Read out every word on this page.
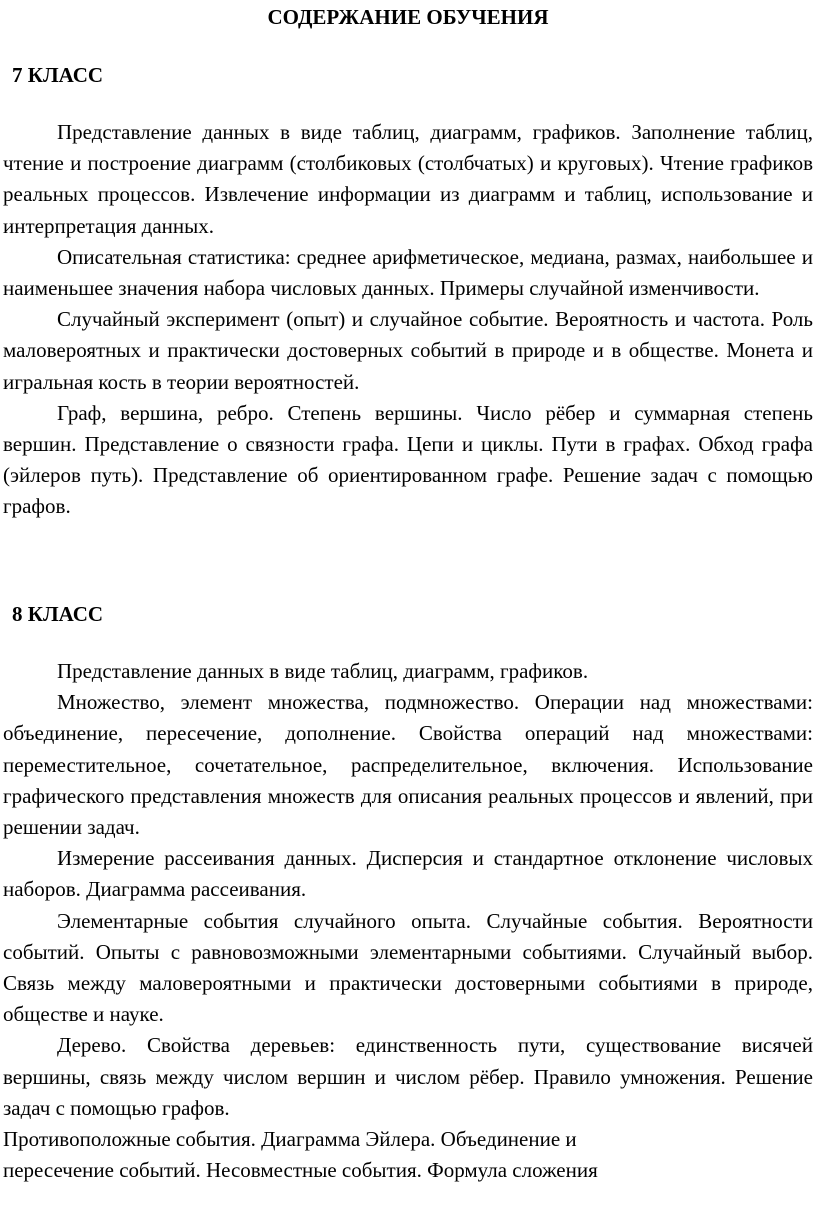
СОДЕРЖАНИЕ ОБУЧЕНИЯ
7 КЛАСС

Представление данных в виде таблиц, диаграмм, графиков. Заполнение таблиц, чтение и построение диаграмм (столбиковых (столбчатых) и круговых). Чтение графиков реальных процессов. Извлечение информации из диаграмм и таблиц, использование и интерпретация данных.

Описательная статистика: среднее арифметическое, медиана, размах, наибольшее и наименьшее значения набора числовых данных. Примеры случайной изменчивости.

Случайный эксперимент (опыт) и случайное событие. Вероятность и частота. Роль маловероятных и практически достоверных событий в природе и в обществе. Монета и игральная кость в теории вероятностей.

Граф, вершина, ребро. Степень вершины. Число рёбер и суммарная степень вершин. Представление о связности графа. Цепи и циклы. Пути в графах. Обход графа (эйлеров путь). Представление об ориентированном графе. Решение задач с помощью графов.

8 КЛАСС

Представление данных в виде таблиц, диаграмм, графиков.

Множество, элемент множества, подмножество. Операции над множествами: объединение, пересечение, дополнение. Свойства операций над множествами: переместительное, сочетательное, распределительное, включения. Использование графического представления множеств для описания реальных процессов и явлений, при решении задач.

Измерение рассеивания данных. Дисперсия и стандартное отклонение числовых наборов. Диаграмма рассеивания.

Элементарные события случайного опыта. Случайные события. Вероятности событий. Опыты с равновозможными элементарными событиями. Случайный выбор. Связь между маловероятными и практически достоверными событиями в природе, обществе и науке.

Дерево. Свойства деревьев: единственность пути, существование висячей вершины, связь между числом вершин и числом рёбер. Правило умножения. Решение задач с помощью графов.

Противоположные события. Диаграмма Эйлера. Объединение и

пересечение событий. Несовместные события. Формула сложения
